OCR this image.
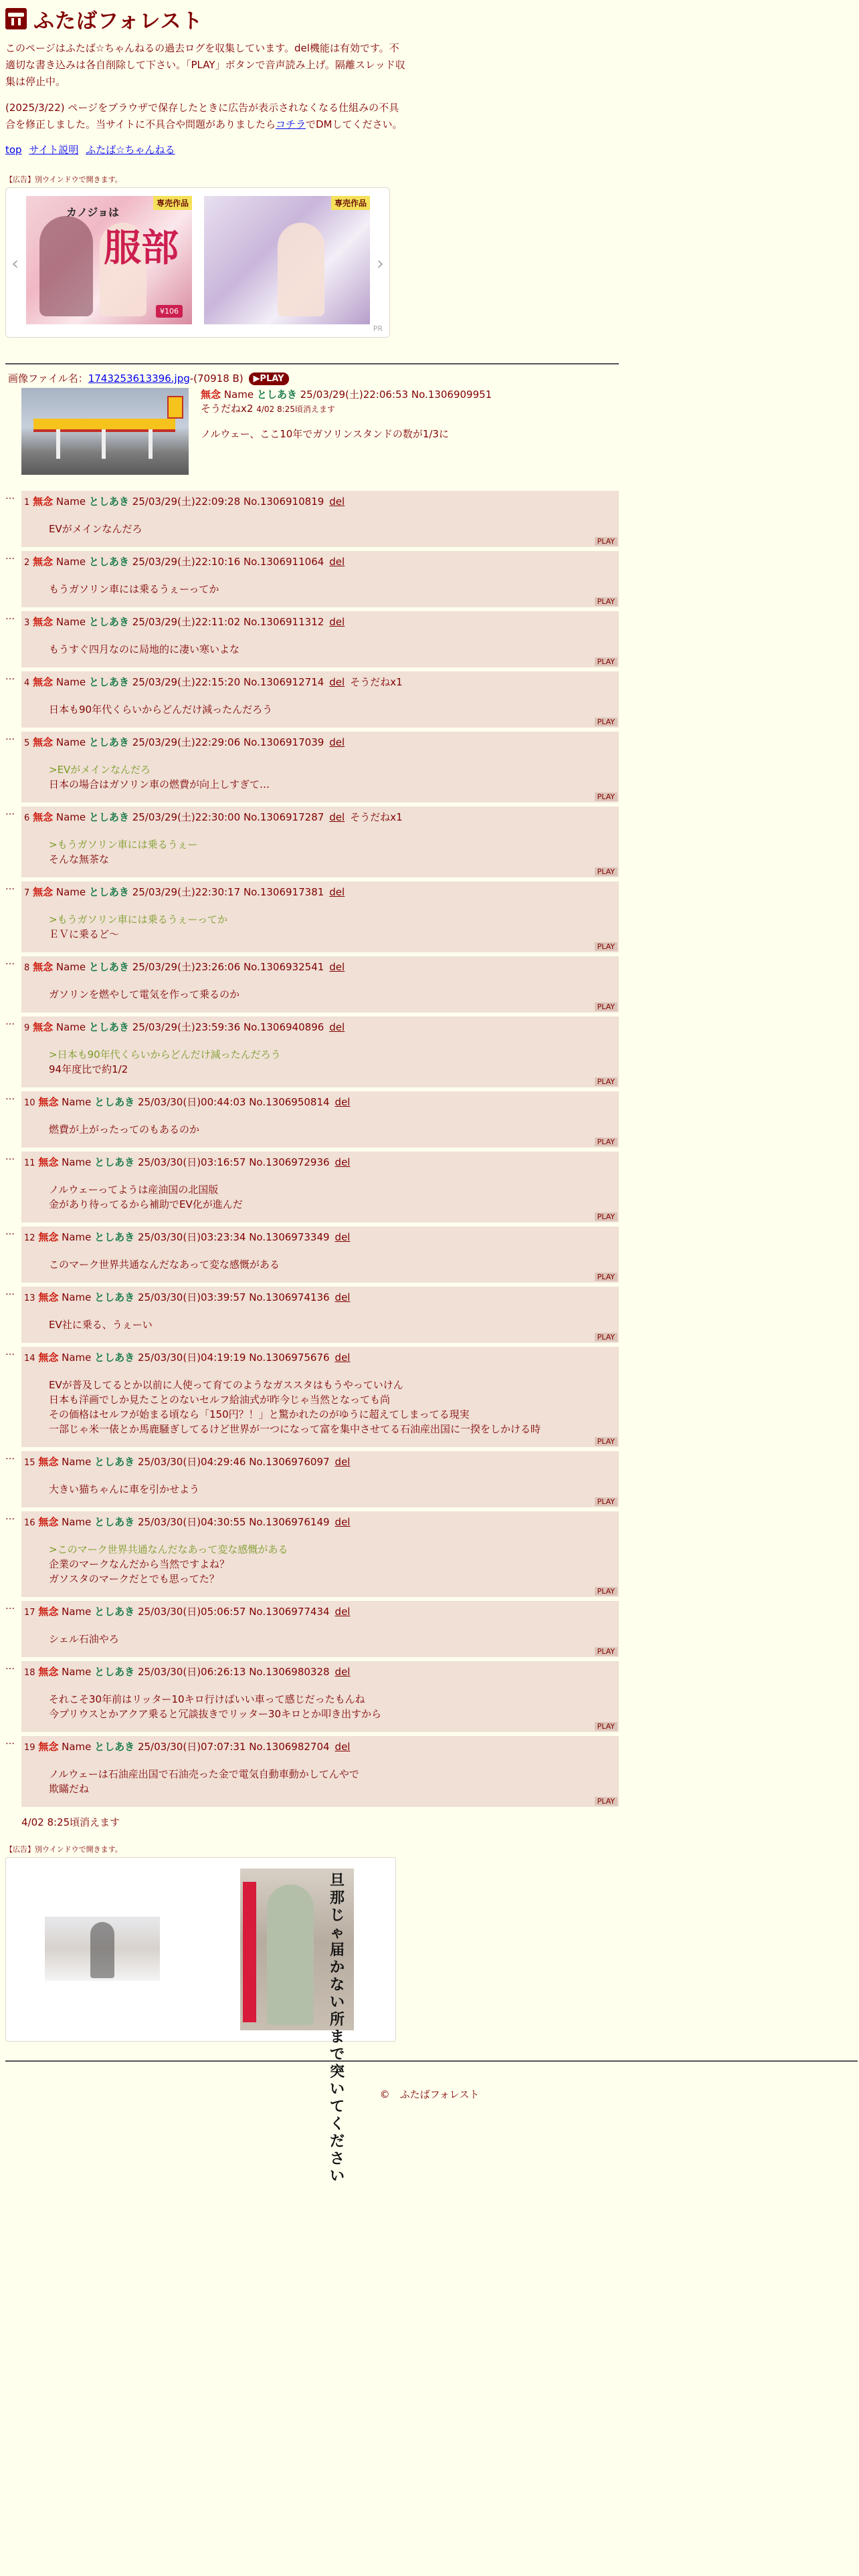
ふたばフォレスト

このページはふたば☆ちゃんねるの過去ログを収集しています。del機能は有効です。不適切な書き込みは各自削除して下さい。「PLAY」ボタンで音声読み上げ。隔離スレッド収集は停止中。

(2025/3/22) ページをブラウザで保存したときに広告が表示されなくなる仕組みの不具合を修正しました。当サイトに不具合や問題がありましたらコチラでDMしてください。

top サイト説明 ふたば☆ちゃんねる
【広告】別ウインドウで開きます。
‹
カノジョは
服部
専売作品
¥106
専売作品
›
PR
画像ファイル名：1743253613396.jpg-(70918 B) ▶PLAY
無念 Name としあき 25/03/29(土)22:06:53 No.1306909951
そうだねx2 4/02 8:25頃消えます
ノルウェー、ここ10年でガソリンスタンドの数が1/3に
…
1 無念 Name としあき 25/03/29(土)22:09:28 No.1306910819 del
EVがメインなんだろ
PLAY
…
2 無念 Name としあき 25/03/29(土)22:10:16 No.1306911064 del
もうガソリン車には乗るうぇーってか
PLAY
…
3 無念 Name としあき 25/03/29(土)22:11:02 No.1306911312 del
もうすぐ四月なのに局地的に凄い寒いよな
PLAY
…
4 無念 Name としあき 25/03/29(土)22:15:20 No.1306912714 del そうだねx1
日本も90年代くらいからどんだけ減ったんだろう
PLAY
…
5 無念 Name としあき 25/03/29(土)22:29:06 No.1306917039 del
>EVがメインなんだろ
日本の場合はガソリン車の燃費が向上しすぎて…
PLAY
…
6 無念 Name としあき 25/03/29(土)22:30:00 No.1306917287 del そうだねx1
>もうガソリン車には乗るうぇー
そんな無茶な
PLAY
…
7 無念 Name としあき 25/03/29(土)22:30:17 No.1306917381 del
>もうガソリン車には乗るうぇーってか
ＥＶに乗るど〜
PLAY
…
8 無念 Name としあき 25/03/29(土)23:26:06 No.1306932541 del
ガソリンを燃やして電気を作って乗るのか
PLAY
…
9 無念 Name としあき 25/03/29(土)23:59:36 No.1306940896 del
>日本も90年代くらいからどんだけ減ったんだろう
94年度比で約1/2
PLAY
…
10 無念 Name としあき 25/03/30(日)00:44:03 No.1306950814 del
燃費が上がったってのもあるのか
PLAY
…
11 無念 Name としあき 25/03/30(日)03:16:57 No.1306972936 del
ノルウェーってようは産油国の北国版
金があり待ってるから補助でEV化が進んだ
PLAY
…
12 無念 Name としあき 25/03/30(日)03:23:34 No.1306973349 del
このマーク世界共通なんだなあって変な感慨がある
PLAY
…
13 無念 Name としあき 25/03/30(日)03:39:57 No.1306974136 del
EV社に乗る、うぇーい
PLAY
…
14 無念 Name としあき 25/03/30(日)04:19:19 No.1306975676 del
EVが普及してるとか以前に人使って育てのようなガススタはもうやっていけん
日本も洋画でしか見たことのないセルフ給油式が昨今じゃ当然となっても尚
その価格はセルフが始まる頃なら「150円？！」と驚かれたのがゆうに超えてしまってる現実
一部じゃ米一俵とか馬鹿騒ぎしてるけど世界が一つになって富を集中させてる石油産出国に一揆をしかける時
PLAY
…
15 無念 Name としあき 25/03/30(日)04:29:46 No.1306976097 del
大きい猫ちゃんに車を引かせよう
PLAY
…
16 無念 Name としあき 25/03/30(日)04:30:55 No.1306976149 del
>このマーク世界共通なんだなあって変な感慨がある
企業のマークなんだから当然ですよね？
ガソスタのマークだとでも思ってた？
PLAY
…
17 無念 Name としあき 25/03/30(日)05:06:57 No.1306977434 del
シェル石油やろ
PLAY
…
18 無念 Name としあき 25/03/30(日)06:26:13 No.1306980328 del
それこそ30年前はリッター10キロ行けばいい車って感じだったもんね
今プリウスとかアクア乗ると冗談抜きでリッター30キロとか叩き出すから
PLAY
…
19 無念 Name としあき 25/03/30(日)07:07:31 No.1306982704 del
ノルウェーは石油産出国で石油売った金で電気自動車動かしてんやで
欺瞞だね
PLAY
4/02 8:25頃消えます
【広告】別ウインドウで開きます。
旦那じゃ届かない所まで突いてください
©　ふたばフォレスト
